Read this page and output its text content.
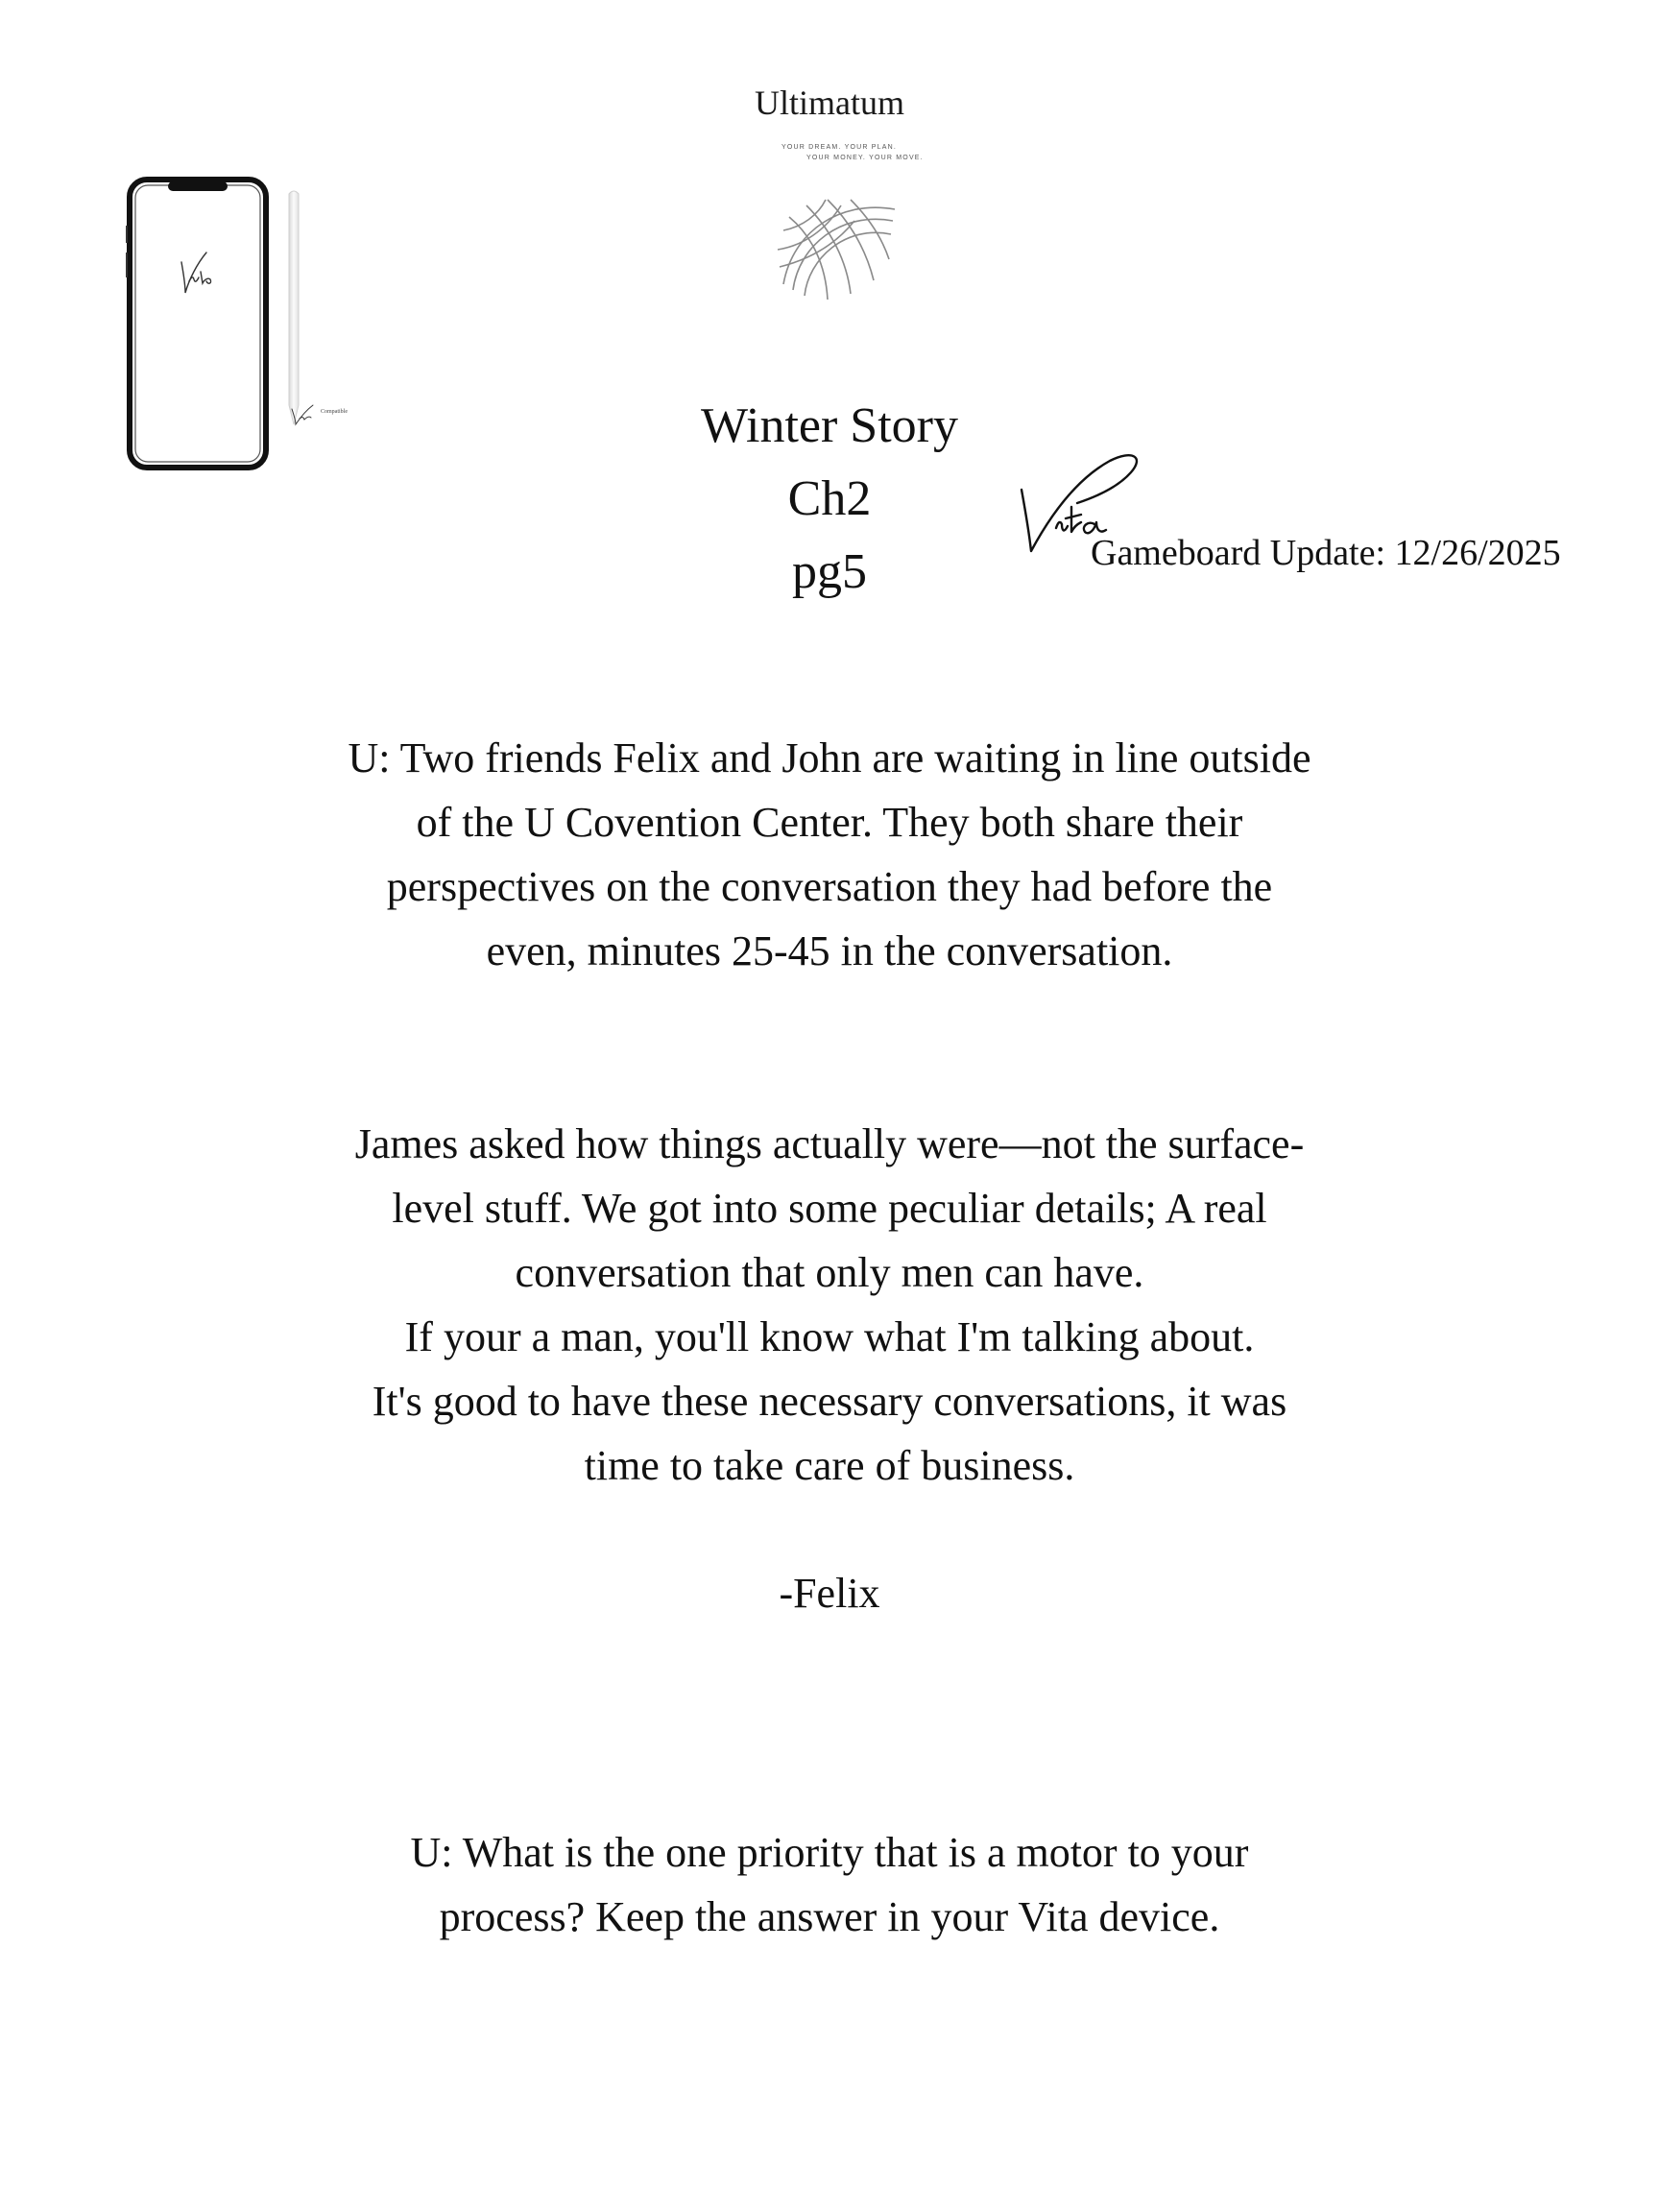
Ultimatum
YOUR DREAM. YOUR PLAN.
YOUR MONEY. YOUR MOVE.
Compatible	Winter Story
Ch2
pg5	Gameboard Update: 12/26/2025
U: Two friends Felix and John are waiting in line outside
of the U Covention Center. They both share their
perspectives on the conversation they had before the
even, minutes 25-45 in the conversation.
James asked how things actually were—not the surface-
level stuff. We got into some peculiar details; A real
conversation that only men can have.
If your a man, you'll know what I'm talking about.
It's good to have these necessary conversations, it was
time to take care of business.
-Felix
U: What is the one priority that is a motor to your
process? Keep the answer in your Vita device.
